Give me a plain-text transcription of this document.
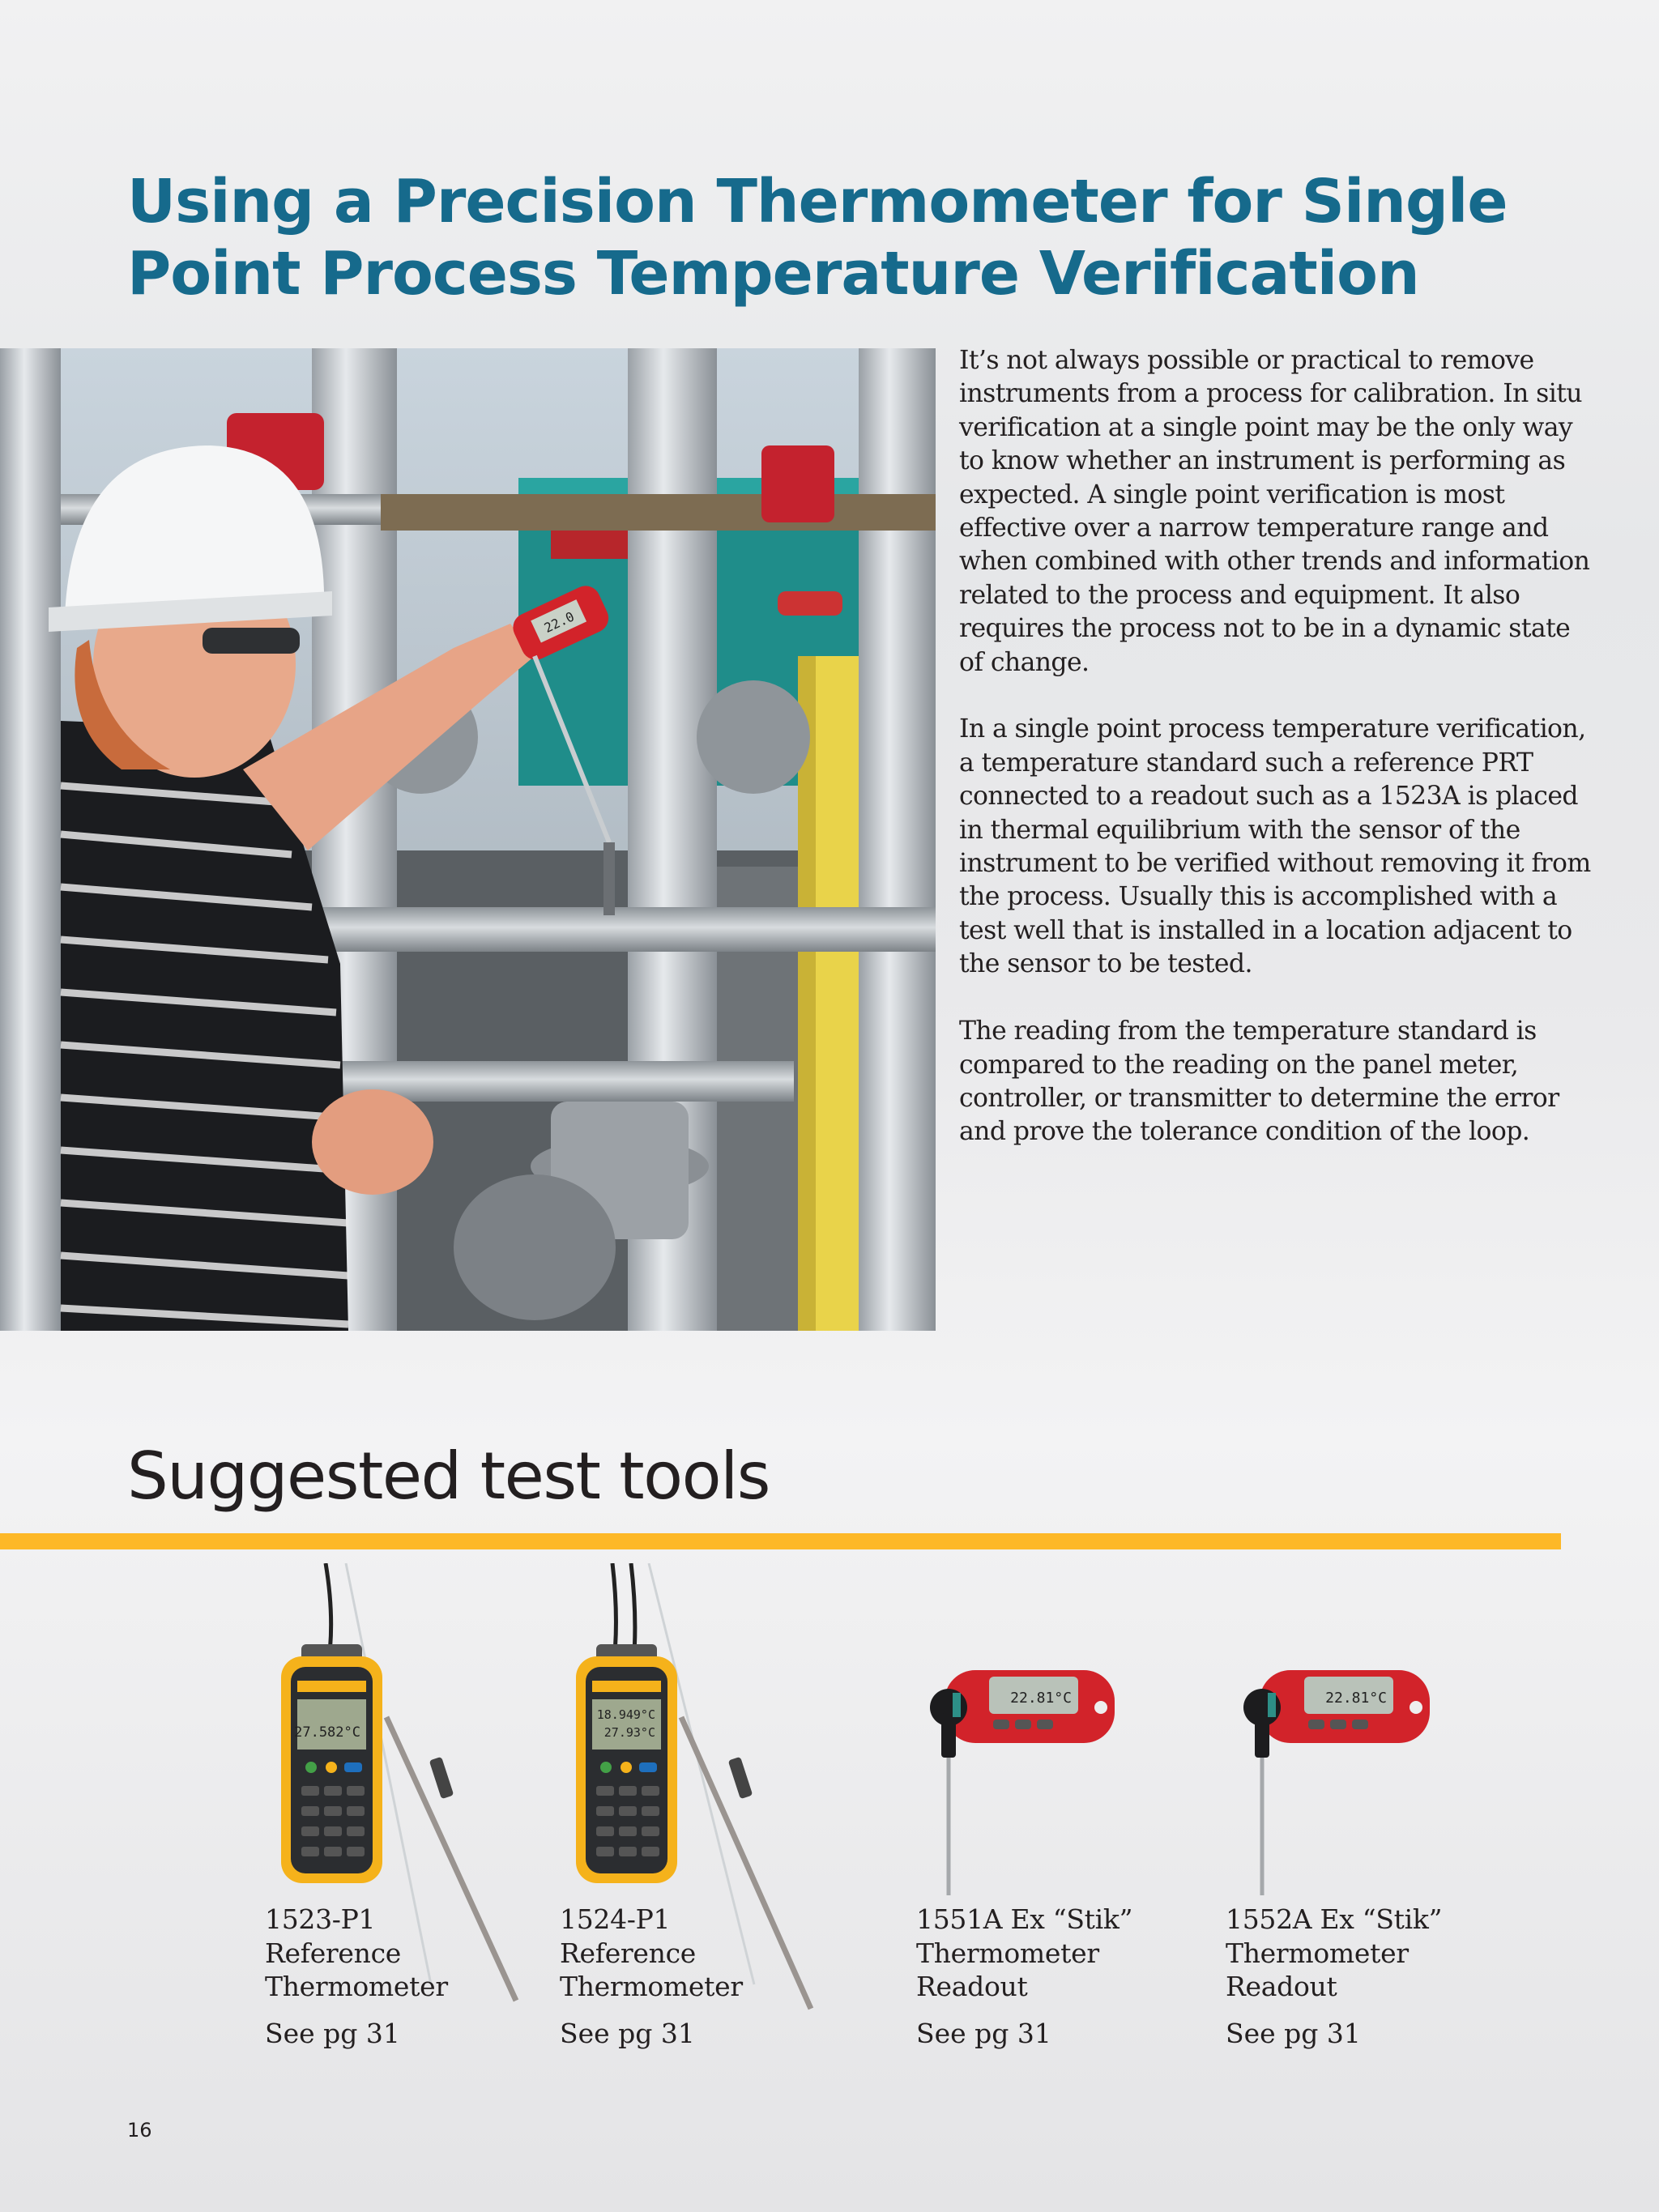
Using a Precision Thermometer for Single
Point Process Temperature Verification
22.0

It’s not always possible or practical to remove instruments from a process for calibration. In situ verification at a single point may be the only way to know whether an instrument is performing as expected. A single point verification is most effective over a narrow temperature range and when combined with other trends and information related to the process and equipment. It also requires the process not to be in a dynamic state of change.

In a single point process temperature verification, a temperature standard such a reference PRT connected to a readout such as a 1523A is placed in thermal equilibrium with the sensor of the instrument to be verified without removing it from the process. Usually this is accomplished with a test well that is installed in a location adjacent to the sensor to be tested.

The reading from the temperature standard is compared to the reading on the panel meter, controller, or transmitter to determine the error and prove the tolerance condition of the loop.

Suggested test tools
27.582°C
1523-P1
Reference
Thermometer
See pg 31
18.949°C
27.93°C
1524-P1
Reference
Thermometer
See pg 31
22.81°C
1551A Ex “Stik”
Thermometer
Readout
See pg 31
22.81°C
1552A Ex “Stik”
Thermometer
Readout
See pg 31
16
